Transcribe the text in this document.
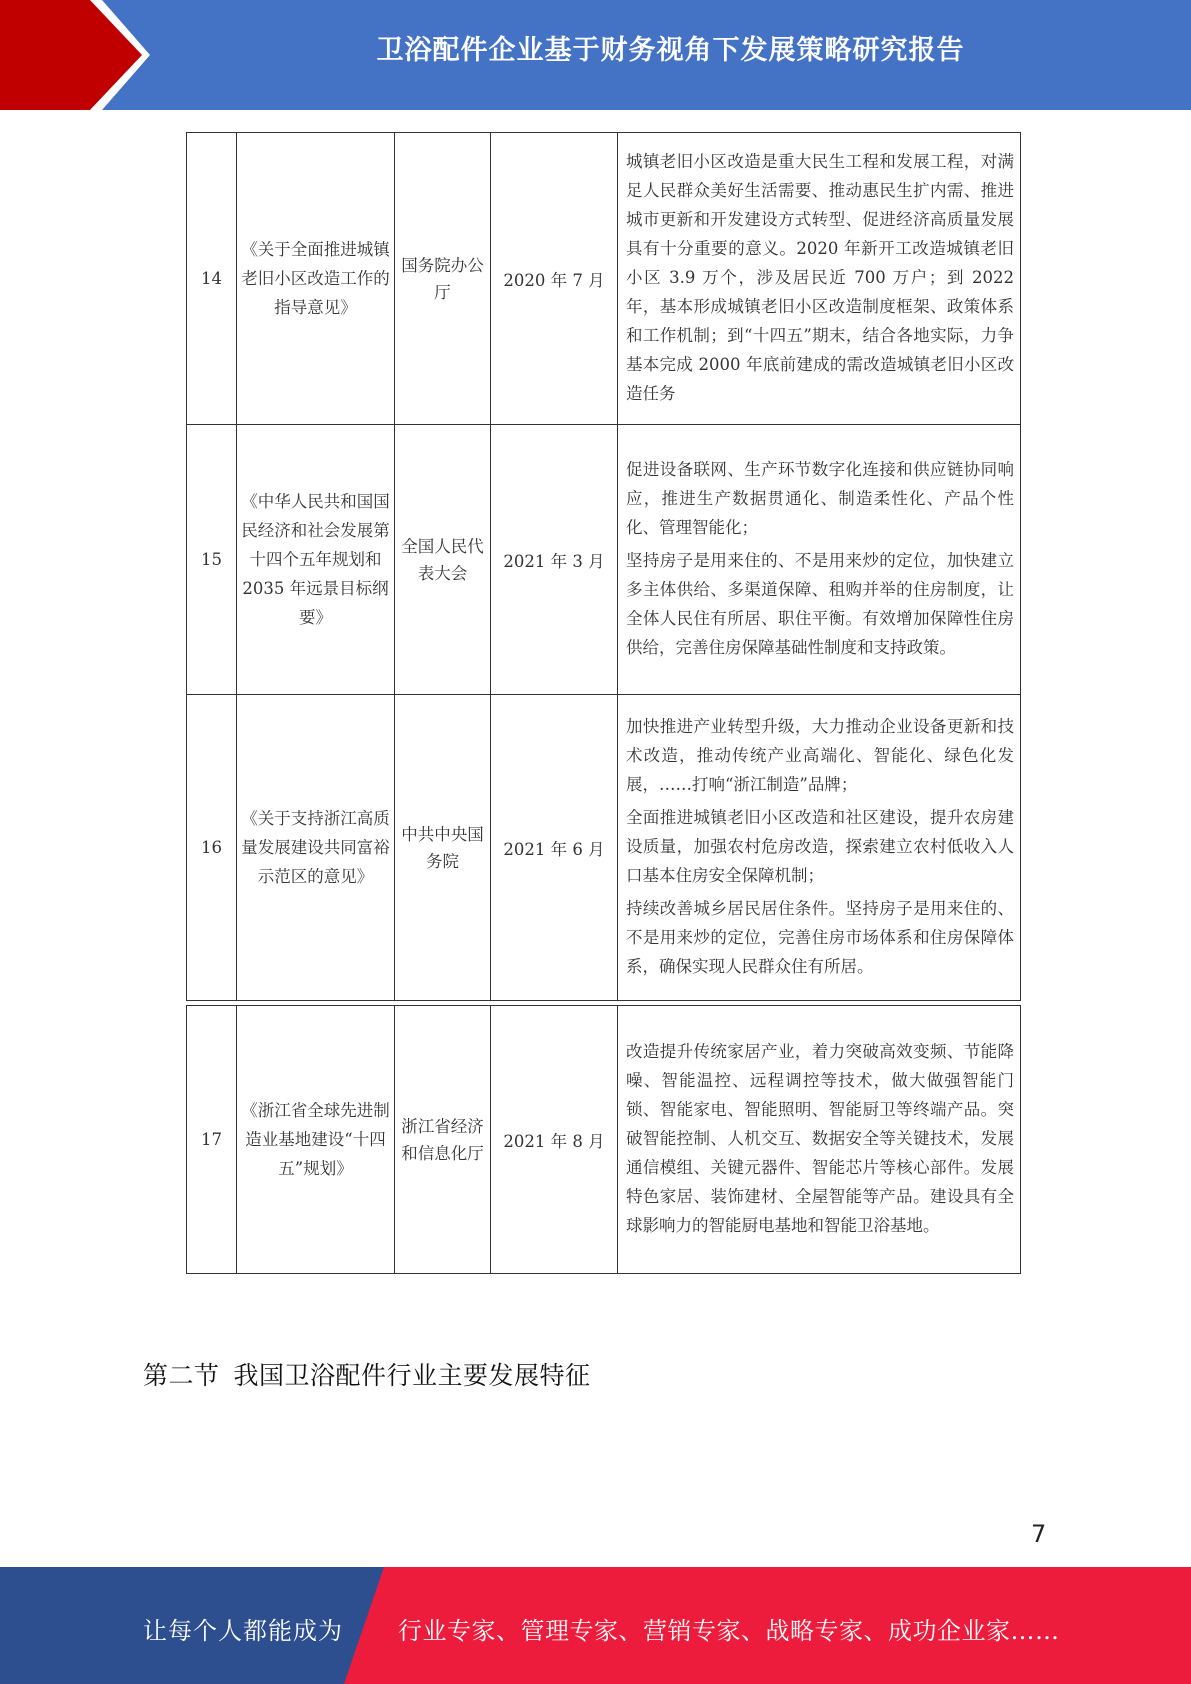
卫浴配件企业基于财务视角下发展策略研究报告
14	《关于全面推进城镇老旧小区改造工作的指导意见》	国务院办公厅	2020 年 7 月	城镇老旧小区改造是重大民生工程和发展工程，对满足人民群众美好生活需要、推动惠民生扩内需、推进城市更新和开发建设方式转型、促进经济高质量发展具有十分重要的意义。2020 年新开工改造城镇老旧小区 3.9 万个，涉及居民近 700 万户；到 2022 年，基本形成城镇老旧小区改造制度框架、政策体系和工作机制；到“十四五”期末，结合各地实际，力争基本完成 2000 年底前建成的需改造城镇老旧小区改造任务

15	《中华人民共和国国民经济和社会发展第十四个五年规划和 2035 年远景目标纲要》	全国人民代表大会	2021 年 3 月	促进设备联网、生产环节数字化连接和供应链协同响应，推进生产数据贯通化、制造柔性化、产品个性化、管理智能化；

坚持房子是用来住的、不是用来炒的定位，加快建立多主体供给、多渠道保障、租购并举的住房制度，让全体人民住有所居、职住平衡。有效增加保障性住房供给，完善住房保障基础性制度和支持政策。

16	《关于支持浙江高质量发展建设共同富裕示范区的意见》	中共中央国务院	2021 年 6 月	加快推进产业转型升级，大力推动企业设备更新和技术改造，推动传统产业高端化、智能化、绿色化发展，……打响“浙江制造”品牌；

全面推进城镇老旧小区改造和社区建设，提升农房建设质量，加强农村危房改造，探索建立农村低收入人口基本住房安全保障机制；

持续改善城乡居民居住条件。坚持房子是用来住的、不是用来炒的定位，完善住房市场体系和住房保障体系，确保实现人民群众住有所居。

17	《浙江省全球先进制造业基地建设“十四五”规划》	浙江省经济和信息化厅	2021 年 8 月	

改造提升传统家居产业，着力突破高效变频、节能降噪、智能温控、远程调控等技术，做大做强智能门锁、智能家电、智能照明、智能厨卫等终端产品。突破智能控制、人机交互、数据安全等关键技术，发展通信模组、关键元器件、智能芯片等核心部件。发展特色家居、装饰建材、全屋智能等产品。建设具有全球影响力的智能厨电基地和智能卫浴基地。

第二节 我国卫浴配件行业主要发展特征
7
让每个人都能成为 行业专家、管理专家、营销专家、战略专家、成功企业家……
